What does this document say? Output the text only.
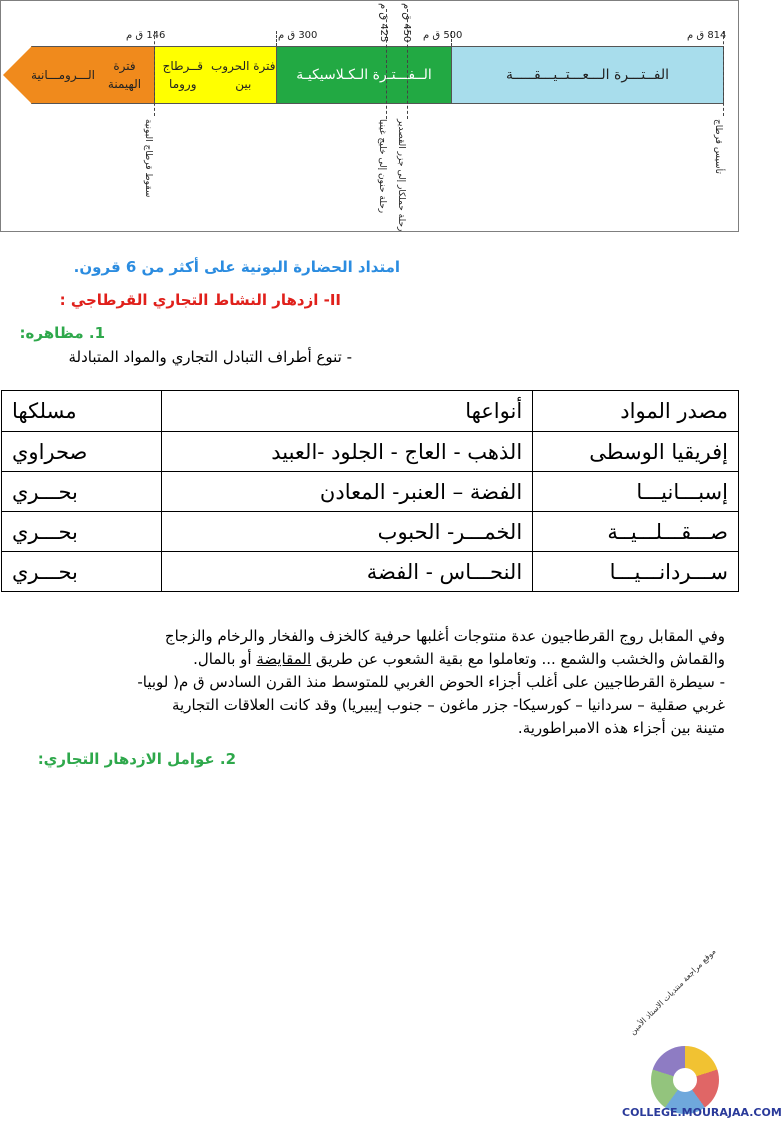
الفــتـــرة الـــعـــتــيـــقـــــة
الــفـــتـرة الـكـلاسيكيـة
فترة الحروب بين
قــرطاج وروما
فترة الهيمنة
الـــرومـــانية
814 ق م
500 ق م
300 ق م
146 ق م
450 ق م
425 ق م
تأسيس قرطاج
رحلة حملكار إلى جزر القصدير
رحلة حنون إلى خليج غينيا
سقوط قرطاج البونية
امتداد الحضارة البونية على أكثر من 6 قرون.
II- ازدهار النشاط التجاري القرطاجي :
1. مظاهره:
- تنوع أطراف التبادل التجاري والمواد المتبادلة
مصدر المواد	أنواعها	مسلكها
إفريقيا الوسطى	الذهب - العاج - الجلود -العبيد	صحراوي
إسبـــانيـــا	الفضة – العنبر- المعادن	بحـــري
صـــقـــلـــيــة	الخمـــر- الحبوب	بحـــري
ســـردانـــيـــا	النحـــاس - الفضة	بحـــري
وفي المقابل روج القرطاجيون عدة منتوجات أغلبها حرفية كالخزف والفخار والرخام والزجاج
والقماش والخشب والشمع ... وتعاملوا مع بقية الشعوب عن طريق المقايضة أو بالمال.
- سيطرة القرطاجيين على أغلب أجزاء الحوض الغربي للمتوسط منذ القرن السادس ق م( لوبيا-
غربي صقلية – سردانيا – كورسيكا- جزر ماغون – جنوب إيبيريا) وقد كانت العلاقات التجارية
متينة بين أجزاء هذه الامبراطورية.
2. عوامل الازدهار التجاري:
موقع مراجعة منتديات الاستاذ الأمين
COLLEGE.MOURAJAA.COM
